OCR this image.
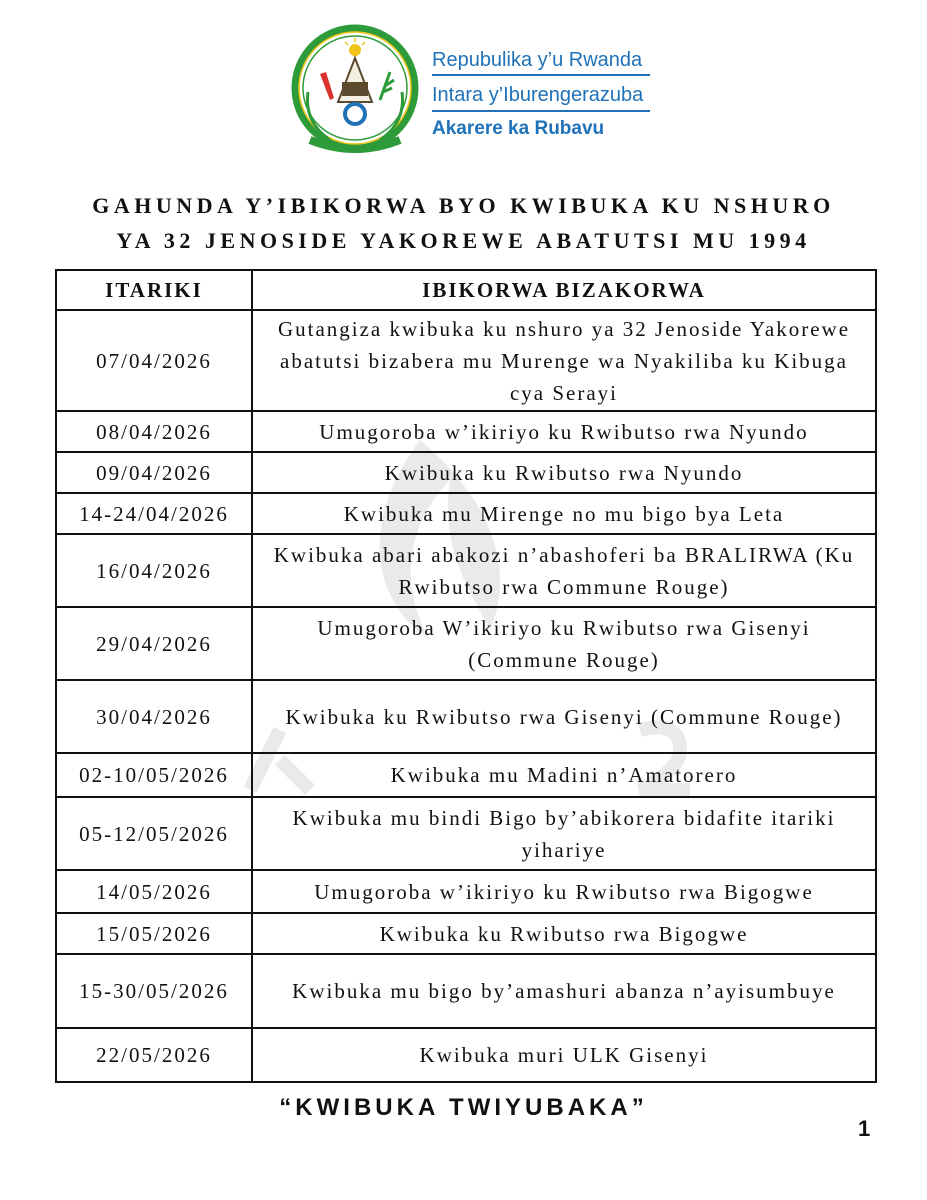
Repubulika y’u Rwanda
Intara y’Iburengerazuba
Akarere ka Rubavu
GAHUNDA Y’IBIKORWA BYO KWIBUKA KU NSHURO
YA 32 JENOSIDE YAKOREWE ABATUTSI MU 1994
ITARIKI	IBIKORWA BIZAKORWA
07/04/2026	Gutangiza kwibuka ku nshuro ya 32 Jenoside Yakorewe abatutsi bizabera mu Murenge wa Nyakiliba ku Kibuga cya Serayi
08/04/2026	Umugoroba w’ikiriyo ku Rwibutso rwa Nyundo
09/04/2026	Kwibuka ku Rwibutso rwa Nyundo
14-24/04/2026	Kwibuka mu Mirenge no mu bigo bya Leta
16/04/2026	Kwibuka abari abakozi n’abashoferi ba BRALIRWA (Ku Rwibutso rwa Commune Rouge)
29/04/2026	Umugoroba W’ikiriyo ku Rwibutso rwa Gisenyi (Commune Rouge)
30/04/2026	Kwibuka ku Rwibutso rwa Gisenyi (Commune Rouge)
02-10/05/2026	Kwibuka mu Madini n’Amatorero
05-12/05/2026	Kwibuka mu bindi Bigo by’abikorera bidafite itariki yihariye
14/05/2026	Umugoroba w’ikiriyo ku Rwibutso rwa Bigogwe
15/05/2026	Kwibuka ku Rwibutso rwa Bigogwe
15-30/05/2026	Kwibuka mu bigo by’amashuri abanza n’ayisumbuye
22/05/2026	Kwibuka muri ULK Gisenyi
“KWIBUKA TWIYUBAKA”
1
